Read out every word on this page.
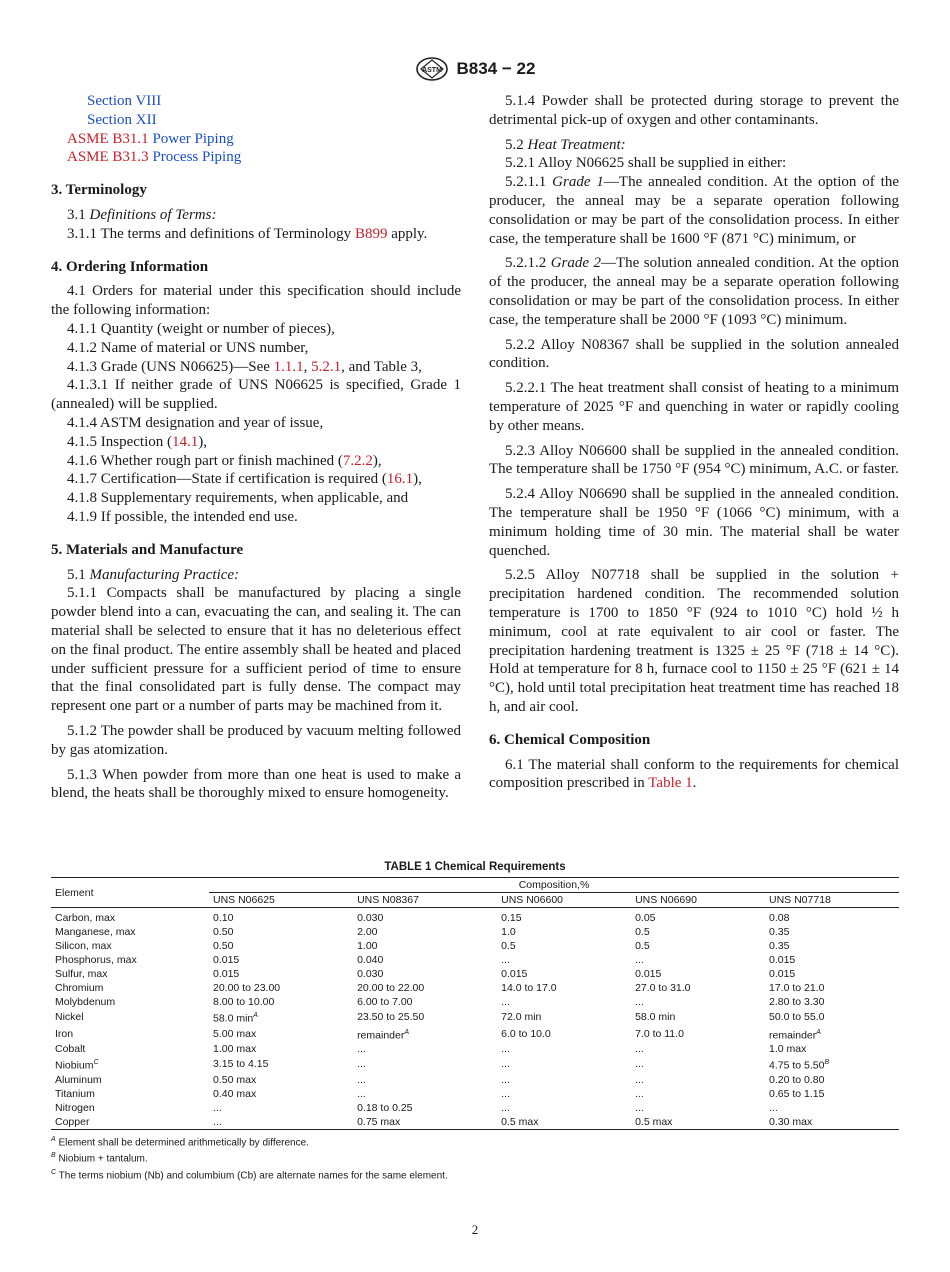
ASTM B834 − 22

Section VIII

Section XII

ASME B31.1 Power Piping

ASME B31.3 Process Piping

3. Terminology

3.1 Definitions of Terms:

3.1.1 The terms and definitions of Terminology B899 apply.

4. Ordering Information

4.1 Orders for material under this specification should include the following information:

4.1.1 Quantity (weight or number of pieces),

4.1.2 Name of material or UNS number,

4.1.3 Grade (UNS N06625)—See 1.1.1, 5.2.1, and Table 3,

4.1.3.1 If neither grade of UNS N06625 is specified, Grade 1 (annealed) will be supplied.

4.1.4 ASTM designation and year of issue,

4.1.5 Inspection (14.1),

4.1.6 Whether rough part or finish machined (7.2.2),

4.1.7 Certification—State if certification is required (16.1),

4.1.8 Supplementary requirements, when applicable, and

4.1.9 If possible, the intended end use.

5. Materials and Manufacture

5.1 Manufacturing Practice:

5.1.1 Compacts shall be manufactured by placing a single powder blend into a can, evacuating the can, and sealing it. The can material shall be selected to ensure that it has no deleterious effect on the final product. The entire assembly shall be heated and placed under sufficient pressure for a sufficient period of time to ensure that the final consolidated part is fully dense. The compact may represent one part or a number of parts may be machined from it.

5.1.2 The powder shall be produced by vacuum melting followed by gas atomization.

5.1.3 When powder from more than one heat is used to make a blend, the heats shall be thoroughly mixed to ensure homogeneity.

5.1.4 Powder shall be protected during storage to prevent the detrimental pick-up of oxygen and other contaminants.

5.2 Heat Treatment:

5.2.1 Alloy N06625 shall be supplied in either:

5.2.1.1 Grade 1—The annealed condition. At the option of the producer, the anneal may be a separate operation following consolidation or may be part of the consolidation process. In either case, the temperature shall be 1600 °F (871 °C) minimum, or

5.2.1.2 Grade 2—The solution annealed condition. At the option of the producer, the anneal may be a separate operation following consolidation or may be part of the consolidation process. In either case, the temperature shall be 2000 °F (1093 °C) minimum.

5.2.2 Alloy N08367 shall be supplied in the solution annealed condition.

5.2.2.1 The heat treatment shall consist of heating to a minimum temperature of 2025 °F and quenching in water or rapidly cooling by other means.

5.2.3 Alloy N06600 shall be supplied in the annealed condition. The temperature shall be 1750 °F (954 °C) minimum, A.C. or faster.

5.2.4 Alloy N06690 shall be supplied in the annealed condition. The temperature shall be 1950 °F (1066 °C) minimum, with a minimum holding time of 30 min. The material shall be water quenched.

5.2.5 Alloy N07718 shall be supplied in the solution + precipitation hardened condition. The recommended solution temperature is 1700 to 1850 °F (924 to 1010 °C) hold ½ h minimum, cool at rate equivalent to air cool or faster. The precipitation hardening treatment is 1325 ± 25 °F (718 ± 14 °C). Hold at temperature for 8 h, furnace cool to 1150 ± 25 °F (621 ± 14 °C), hold until total precipitation heat treatment time has reached 18 h, and air cool.

6. Chemical Composition

6.1 The material shall conform to the requirements for chemical composition prescribed in Table 1.

TABLE 1 Chemical Requirements
Element	Composition,%				
	UNS N06625	UNS N08367	UNS N06600	UNS N06690	UNS N07718
Carbon, max	0.10	0.030	0.15	0.05	0.08
Manganese, max	0.50	2.00	1.0	0.5	0.35
Silicon, max	0.50	1.00	0.5	0.5	0.35
Phosphorus, max	0.015	0.040	...	...	0.015
Sulfur, max	0.015	0.030	0.015	0.015	0.015
Chromium	20.00 to 23.00	20.00 to 22.00	14.0 to 17.0	27.0 to 31.0	17.0 to 21.0
Molybdenum	8.00 to 10.00	6.00 to 7.00	...	...	2.80 to 3.30
Nickel	58.0 $\min^A$	23.50 to 25.50	72.0 min	58.0 min	50.0 to 55.0
Iron	5.00 max	remainder$^A$	6.0 to 10.0	7.0 to 11.0	remainder$^A$
Cobalt	1.00 max	...	...	...	1.0 max
Niobium$^C$	3.15 to 4.15	...	...	...	4.75 to $5.50^B$
Aluminum	0.50 max	...	...	...	0.20 to 0.80
Titanium	0.40 max	...	...	...	0.65 to 1.15
Nitrogen	...	0.18 to 0.25	...	...	...
Copper	...	0.75 max	0.5 max	0.5 max	0.30 max
$^A$ Element shall be determined arithmetically by difference.
$^B$ Niobium + tantalum.
$^C$ The terms niobium (Nb) and columbium (Cb) are alternate names for the same element.
2
